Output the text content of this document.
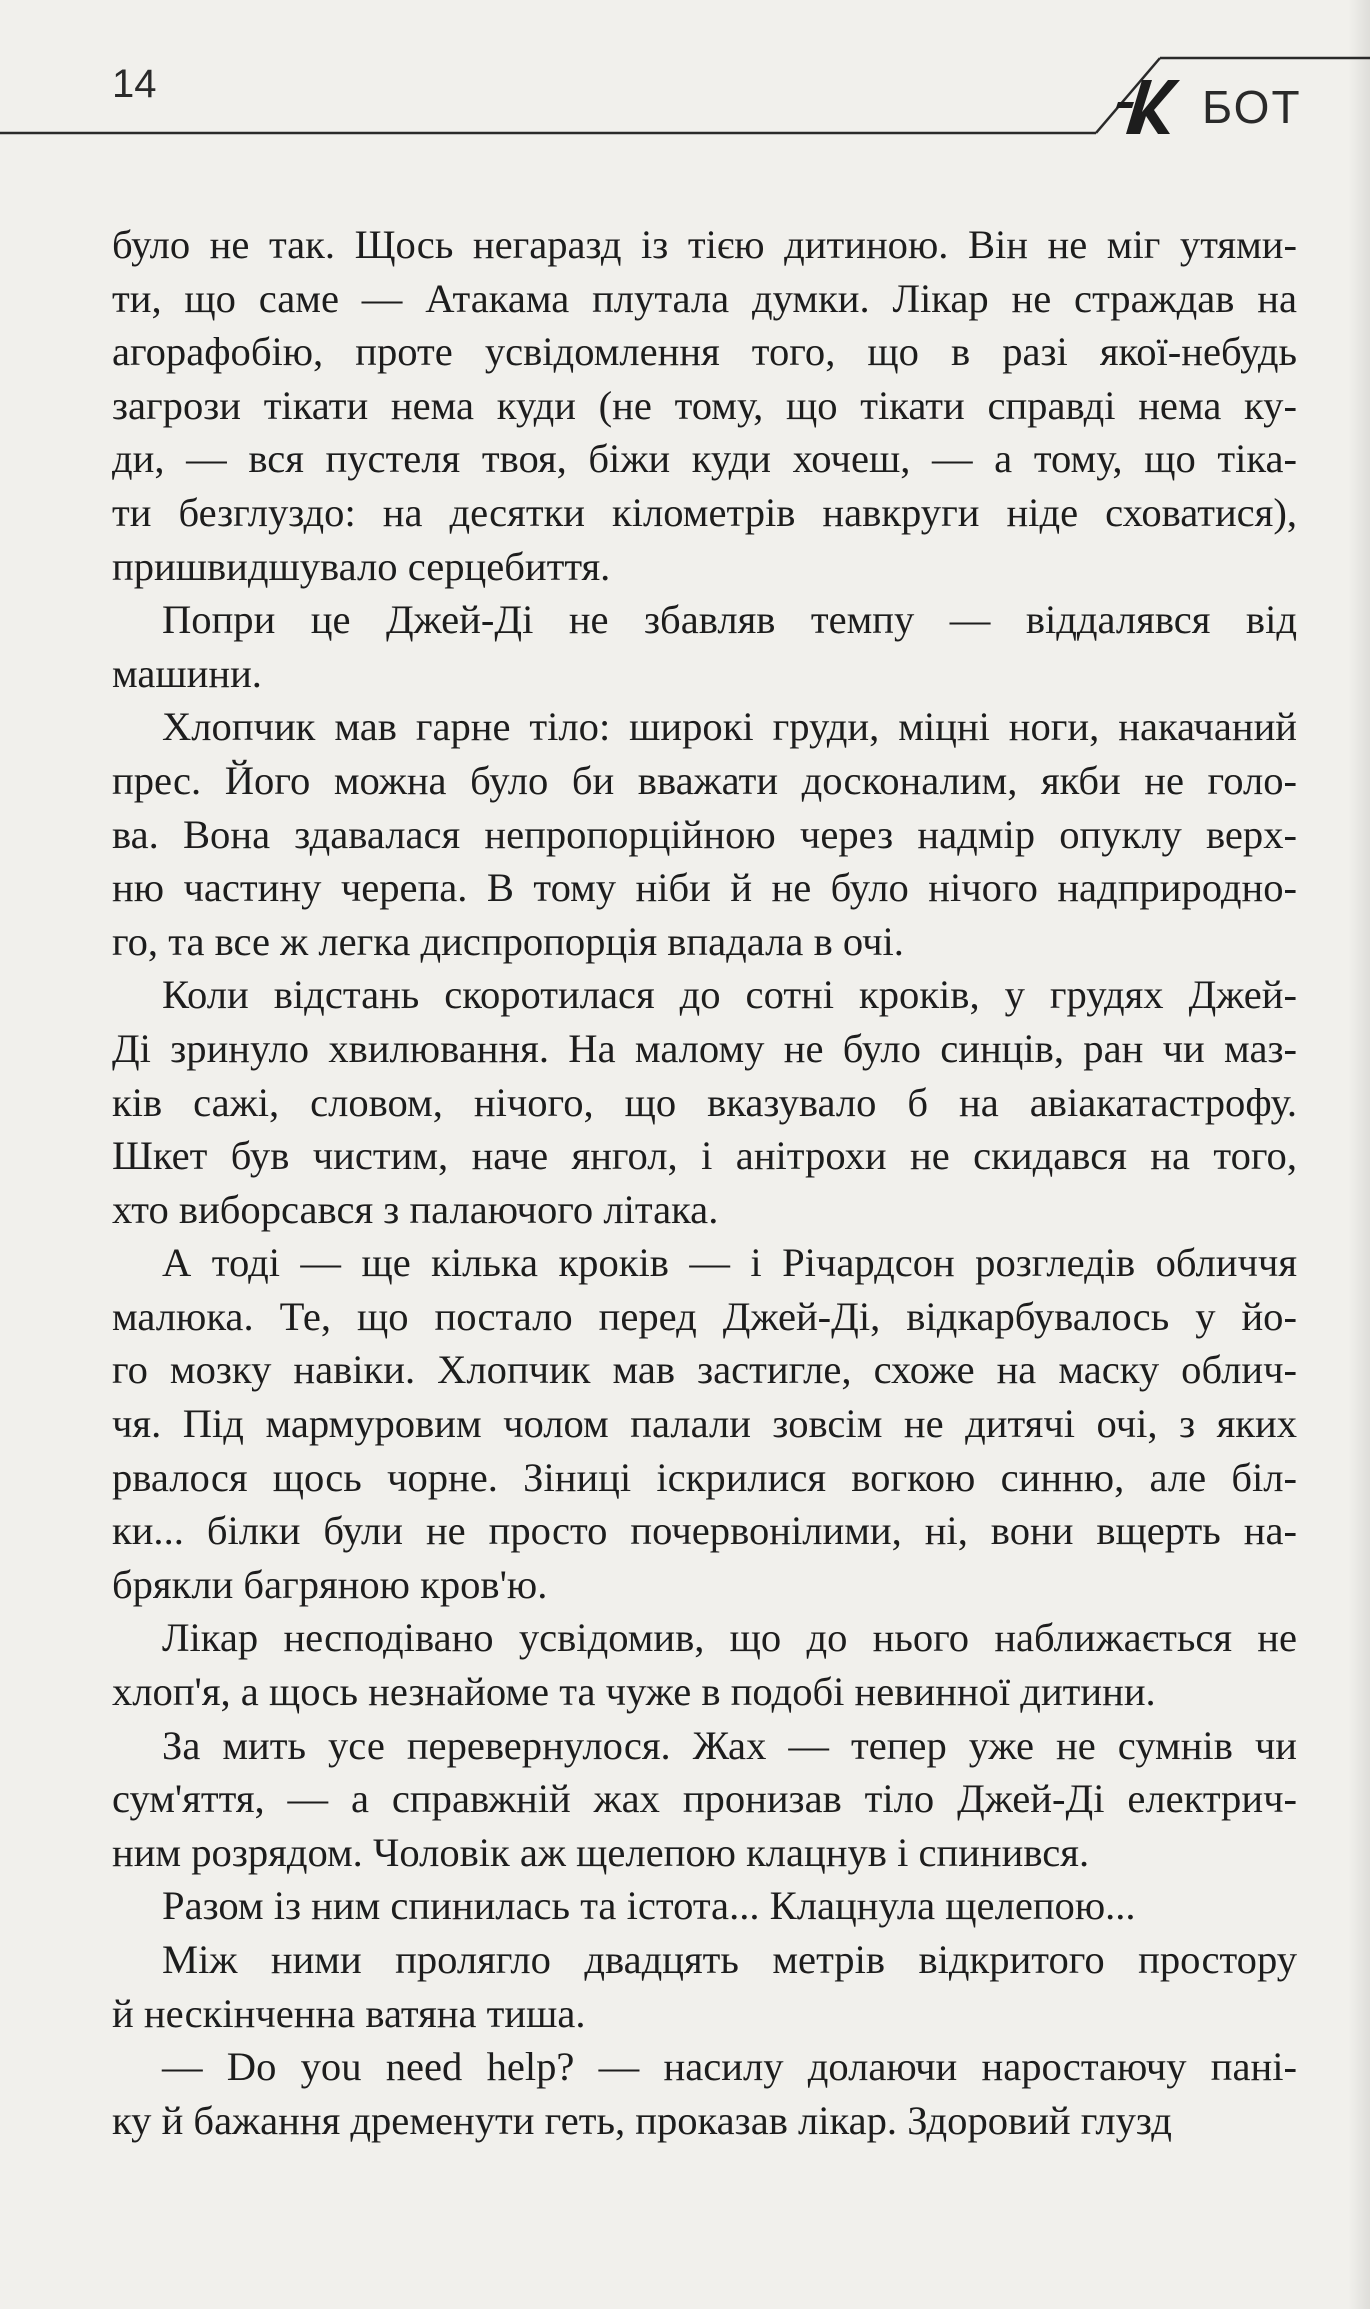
14	БОТ
було не так. Щось негаразд із тією дитиною. Він не міг утями-
ти, що саме — Атакама плутала думки. Лікар не страждав на
агорафобію, проте усвідомлення того, що в разі якої-небудь
загрози тікати нема куди (не тому, що тікати справді нема ку-
ди, — вся пустеля твоя, біжи куди хочеш, — а тому, що тіка-
ти безглуздо: на десятки кілометрів навкруги ніде сховатися),
пришвидшувало серцебиття.
Попри це Джей-Ді не збавляв темпу — віддалявся від
машини.
Хлопчик мав гарне тіло: широкі груди, міцні ноги, накачаний
прес. Його можна було би вважати досконалим, якби не голо-
ва. Вона здавалася непропорційною через надмір опуклу верх-
ню частину черепа. В тому ніби й не було нічого надприродно-
го, та все ж легка диспропорція впадала в очі.
Коли відстань скоротилася до сотні кроків, у грудях Джей-
Ді зринуло хвилювання. На малому не було синців, ран чи маз-
ків сажі, словом, нічого, що вказувало б на авіакатастрофу.
Шкет був чистим, наче янгол, і анітрохи не скидався на того,
хто виборсався з палаючого літака.
А тоді — ще кілька кроків — і Річардсон розгледів обличчя
малюка. Те, що постало перед Джей-Ді, відкарбувалось у йо-
го мозку навіки. Хлопчик мав застигле, схоже на маску облич-
чя. Під мармуровим чолом палали зовсім не дитячі очі, з яких
рвалося щось чорне. Зіниці іскрилися вогкою синню, але біл-
ки... білки були не просто почервонілими, ні, вони вщерть на-
брякли багряною кров'ю.
Лікар несподівано усвідомив, що до нього наближається не
хлоп'я, а щось незнайоме та чуже в подобі невинної дитини.
За мить усе перевернулося. Жах — тепер уже не сумнів чи
сум'яття, — а справжній жах пронизав тіло Джей-Ді електрич-
ним розрядом. Чоловік аж щелепою клацнув і спинився.
Разом із ним спинилась та істота... Клацнула щелепою...
Між ними пролягло двадцять метрів відкритого простору
й нескінченна ватяна тиша.
— Do you need help? — насилу долаючи наростаючу пані-
ку й бажання дременути геть, проказав лікар. Здоровий глузд
